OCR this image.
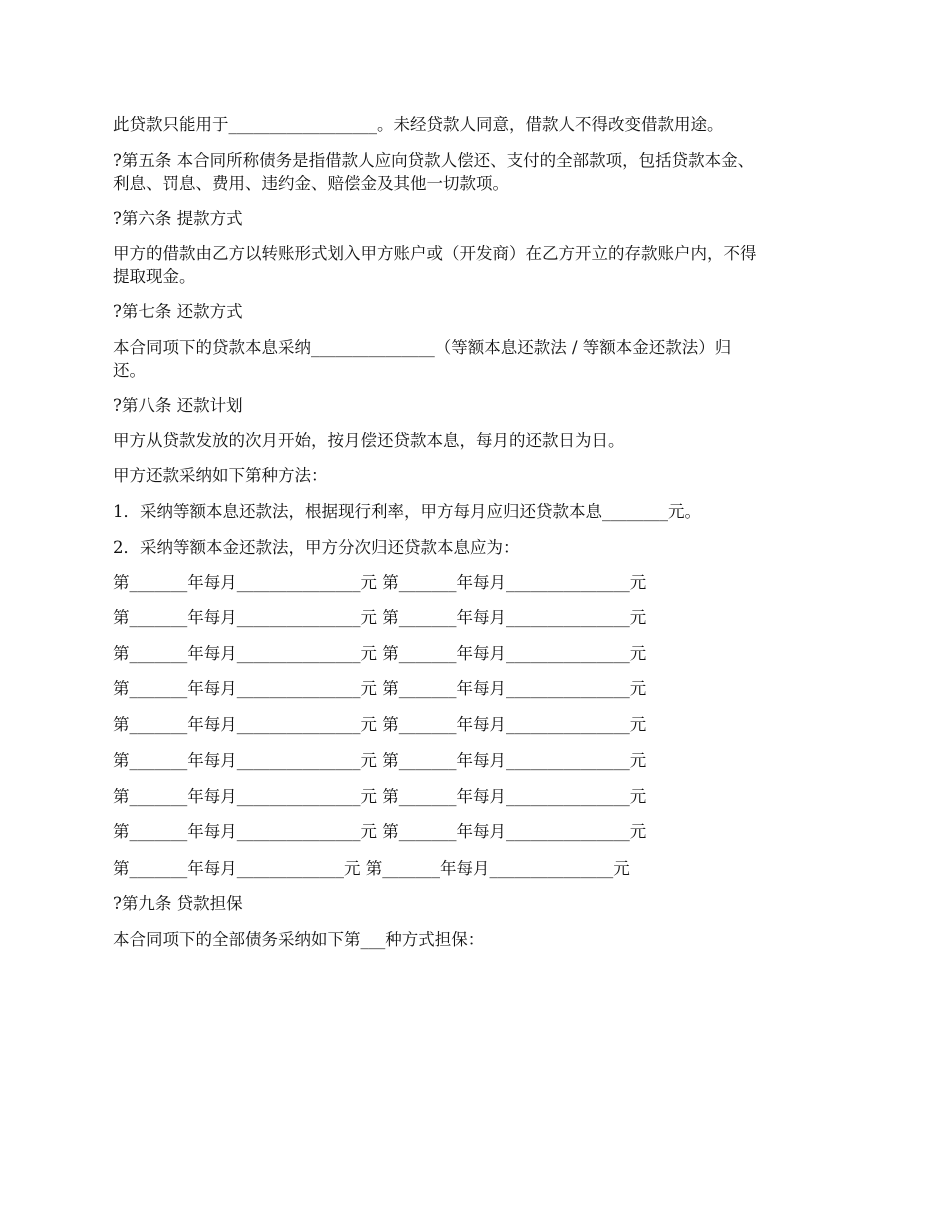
此贷款只能用于__________________。未经贷款人同意，借款人不得改变借款用途。
?第五条 本合同所称债务是指借款人应向贷款人偿还、支付的全部款项，包括贷款本金、
利息、罚息、费用、违约金、赔偿金及其他一切款项。
?第六条 提款方式
甲方的借款由乙方以转账形式划入甲方账户或（开发商）在乙方开立的存款账户内，不得
提取现金。
?第七条 还款方式
本合同项下的贷款本息采纳_______________（等额本息还款法 / 等额本金还款法）归
还。
?第八条 还款计划
甲方从贷款发放的次月开始，按月偿还贷款本息，每月的还款日为日。
甲方还款采纳如下第种方法：
1．采纳等额本息还款法，根据现行利率，甲方每月应归还贷款本息________元。
2．采纳等额本金还款法，甲方分次归还贷款本息应为：
第_______年每月_______________元 第_______年每月_______________元
第_______年每月_______________元 第_______年每月_______________元
第_______年每月_______________元 第_______年每月_______________元
第_______年每月_______________元 第_______年每月_______________元
第_______年每月_______________元 第_______年每月_______________元
第_______年每月_______________元 第_______年每月_______________元
第_______年每月_______________元 第_______年每月_______________元
第_______年每月_______________元 第_______年每月_______________元
第_______年每月_____________元 第_______年每月_______________元
?第九条 贷款担保
本合同项下的全部债务采纳如下第___种方式担保：
